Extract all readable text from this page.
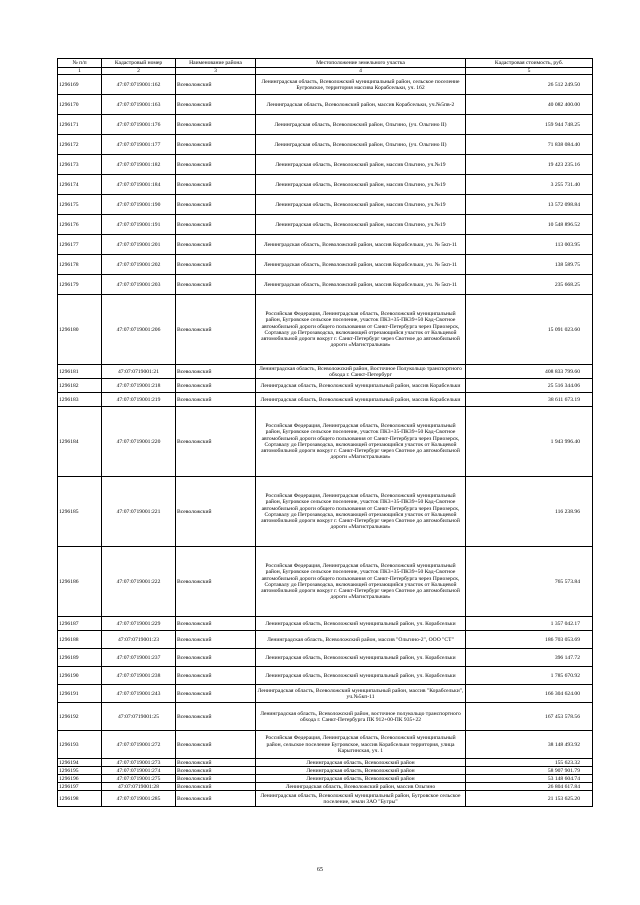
№ п/п	Кадастровый номер	Наименование района	Местоположение земельного участка	Кадастровая стоимость, руб.
1	2	3	4	5
1296169	47:07:0719001:162	Всеволожский	Ленинградская область, Всеволожский муниципальный район, сельское поселение Бугровское, территория массива Корабсельки, уч. 162	26 512 249.50
1296170	47:07:0719001:163	Всеволожский	Ленинградская область, Всеволожский район, массив Корабсельки, уч.№5пв-2	40 082 400.00
1296171	47:07:0719001:176	Всеволожский	Ленинградская область, Всеволожский район, Ольгино, (уч. Ольгино II)	159 944 748.25
1296172	47:07:0719001:177	Всеволожский	Ленинградская область, Всеволожский район, Ольгино, (уч. Ольгино II)	71 838 084.40
1296173	47:07:0719001:182	Всеволожский	Ленинградская область, Всеволожский район, массив Ольгино, уч.№19	19 423 235.16
1296174	47:07:0719001:184	Всеволожский	Ленинградская область, Всеволожский район, массив Ольгино, уч.№19	3 255 731.40
1296175	47:07:0719001:190	Всеволожский	Ленинградская область, Всеволожский район, массив Ольгино, уч.№19	13 572 098.84
1296176	47:07:0719001:191	Всеволожский	Ленинградская область, Всеволожский район, массив Ольгино, уч.№19	10 548 896.52
1296177	47:07:0719001:201	Всеволожский	Ленинградская область, Всеволожский район, массив Корабсельки, уч. № 5кп-11	113 003.95
1296178	47:07:0719001:202	Всеволожский	Ленинградская область, Всеволожский район, массив Корабсельки, уч. № 5кп-11	138 589.75
1296179	47:07:0719001:203	Всеволожский	Ленинградская область, Всеволожский район, массив Корабсельки, уч. № 5кп-11	235 668.25
1296180	47:07:0719001:206	Всеволожский	Российская Федерация, Ленинградская область, Всеволожский муниципальный район, Бугровское сельское поселение, участок ПК3+35-ПК39+50 Кад-Свотное автомобильной дороги общего пользования от Санкт-Петербурга через Приозерск, Сортавалу до Петрозаводска, включающей отрезающийся участок от Кольцевой автомобильной дороги вокруг г. Санкт-Петербург через Свотное до автомобильной дороги «Магистральная»	15 091 023.60
1296181	47:07:0719001:21	Всеволожский	Ленинградская область, Всеволожский район, Восточное Полукольцо транспортного обхода г. Санкт-Петербург	408 833 799.60
1296182	47:07:0719001:218	Всеволожский	Ленинградская область, Всеволожский муниципальный район, массив Корабсельки	25 516 344.06
1296183	47:07:0719001:219	Всеволожский	Ленинградская область, Всеволожский муниципальный район, массив Корабсельки	38 611 673.19
1296184	47:07:0719001:220	Всеволожский	Российская Федерация, Ленинградская область, Всеволожский муниципальный район, Бугровское сельское поселение, участок ПК3+35-ПК39+50 Кад-Свотное автомобильной дороги общего пользования от Санкт-Петербурга через Приозерск, Сортавалу до Петрозаводска, включающей отрезающийся участок от Кольцевой автомобильной дороги вокруг г. Санкт-Петербург через Свотное до автомобильной дороги «Магистральная»	1 943 996.40
1296185	47:07:0719001:221	Всеволожский	Российская Федерация, Ленинградская область, Всеволожский муниципальный район, Бугровское сельское поселение, участок ПК3+35-ПК39+50 Кад-Свотное автомобильной дороги общего пользования от Санкт-Петербурга через Приозерск, Сортавалу до Петрозаводска, включающей отрезающийся участок от Кольцевой автомобильной дороги вокруг г. Санкт-Петербург через Свотное до автомобильной дороги «Магистральная»	116 238.96
1296186	47:07:0719001:222	Всеволожский	Российская Федерация, Ленинградская область, Всеволожский муниципальный район, Бугровское сельское поселение, участок ПК3+35-ПК39+50 Кад-Свотное автомобильной дороги общего пользования от Санкт-Петербурга через Приозерск, Сортавалу до Петрозаводска, включающей отрезающийся участок от Кольцевой автомобильной дороги вокруг г. Санкт-Петербург через Свотное до автомобильной дороги «Магистральная»	765 573.84
1296187	47:07:0719001:229	Всеволожский	Ленинградская область, Всеволожский муниципальный район, уч. Корабсельки	1 357 042.17
1296188	47:07:0719001:23	Всеволожский	Ленинградская область, Всеволожский район, массив "Ольгино-2", ООО "СТ"	186 703 053.69
1296189	47:07:0719001:237	Всеволожский	Ленинградская область, Всеволожский муниципальный район, уч. Корабсельки	396 147.72
1296190	47:07:0719001:238	Всеволожский	Ленинградская область, Всеволожский муниципальный район, уч. Корабсельки	1 785 670.92
1296191	47:07:0719001:243	Всеволожский	Ленинградская область, Всеволожский муниципальный район, массив "Корабсельки", уч.№5кп-11	166 304 624.00
1296192	47:07:0719001:25	Всеволожский	Ленинградская область, Всеволожский район, восточное полукольцо транспортного обхода г. Санкт-Петербурга ПК 912+00-ПК 935+22	167 453 578.56
1296193	47:07:0719001:272	Всеволожский	Российская Федерация, Ленинградская область, Всеволожский муниципальный район, сельское поселение Бугровское, массив Корабсельки территория, улица Карыгинская, уч. 1	38 148 493.92
1296194	47:07:0719001:273	Всеволожский	Ленинградская область, Всеволожский район	155 623.32
1296195	47:07:0719001:274	Всеволожский	Ленинградская область, Всеволожский район	58 907 901.79
1296196	47:07:0719001:275	Всеволожский	Ленинградская область, Всеволожский район	53 148 604.74
1296197	47:07:0719001:28	Всеволожский	Ленинградская область, Всеволожский район, массив Ольгино	26 804 617.84
1296198	47:07:0719001:285	Всеволожский	Ленинградская область, Всеволожский муниципальный район, Бугровское сельское поселение, земли ЗАО "Бугры"	21 153 625.20
65
